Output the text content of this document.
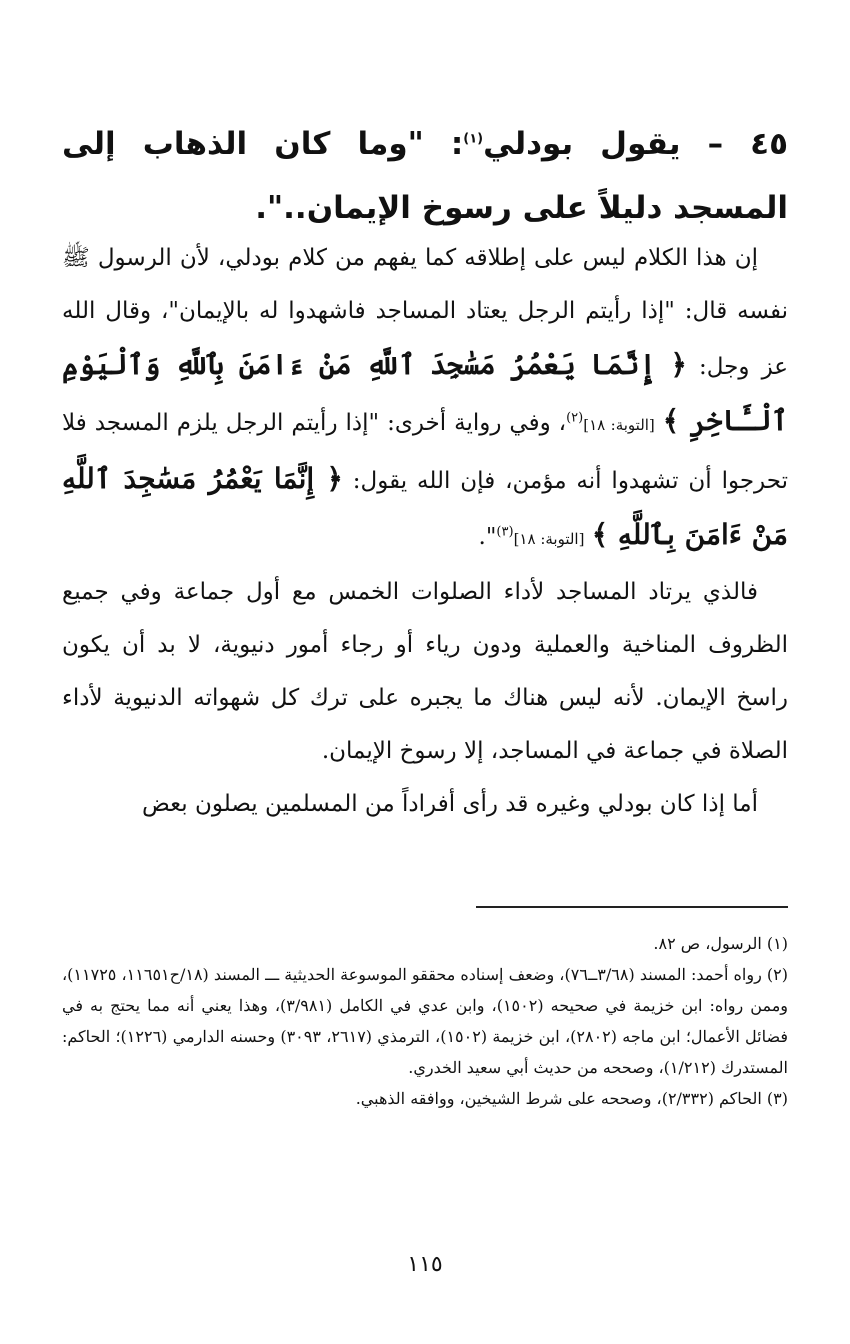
٤٥ – يقول بودلي$^{(١)}$: "وما كان الذهاب إلى المسجد دليلاً على رسوخ الإيمان..".

إن هذا الكلام ليس على إطلاقه كما يفهم من كلام بودلي، لأن الرسول ﷺ نفسه قال: "إذا رأيتم الرجل يعتاد المساجد فاشهدوا له بالإيمان"، وقال الله عز وجل: ﴿ إِنَّمَا يَعْمُرُ مَسَٰجِدَ ٱللَّهِ مَنْ ءَامَنَ بِٱللَّهِ وَٱلْيَوْمِ ٱلْـَٔاخِرِ ﴾ [التوبة: ١٨]$^{(٢)}$، وفي رواية أخرى: "إذا رأيتم الرجل يلزم المسجد فلا تحرجوا أن تشهدوا أنه مؤمن، فإن الله يقول: ﴿ إِنَّمَا يَعْمُرُ مَسَٰجِدَ ٱللَّهِ مَنْ ءَامَنَ بِٱللَّهِ ﴾ [التوبة: ١٨]$^{(٣)}$".

فالذي يرتاد المساجد لأداء الصلوات الخمس مع أول جماعة وفي جميع الظروف المناخية والعملية ودون رياء أو رجاء أمور دنيوية، لا بد أن يكون راسخ الإيمان. لأنه ليس هناك ما يجبره على ترك كل شهواته الدنيوية لأداء الصلاة في جماعة في المساجد، إلا رسوخ الإيمان.

أما إذا كان بودلي وغيره قد رأى أفراداً من المسلمين يصلون بعض

(١) الرسول، ص ٨٢.

(٢) رواه أحمد: المسند (٣/٦٨ــ٧٦)، وضعف إسناده محققو الموسوعة الحديثية ـــ المسند (١٨/ح١١٦٥١، ١١٧٢٥)، وممن رواه: ابن خزيمة في صحيحه (١٥٠٢)، وابن عدي في الكامل (٣/٩٨١)، وهذا يعني أنه مما يحتج به في فضائل الأعمال؛ ابن ماجه (٢٨٠٢)، ابن خزيمة (١٥٠٢)، الترمذي (٢٦١٧، ٣٠٩٣) وحسنه الدارمي (١٢٢٦)؛ الحاكم: المستدرك (١/٢١٢)، وصححه من حديث أبي سعيد الخدري.

(٣) الحاكم (٢/٣٣٢)، وصححه على شرط الشيخين، ووافقه الذهبي.

١١٥
